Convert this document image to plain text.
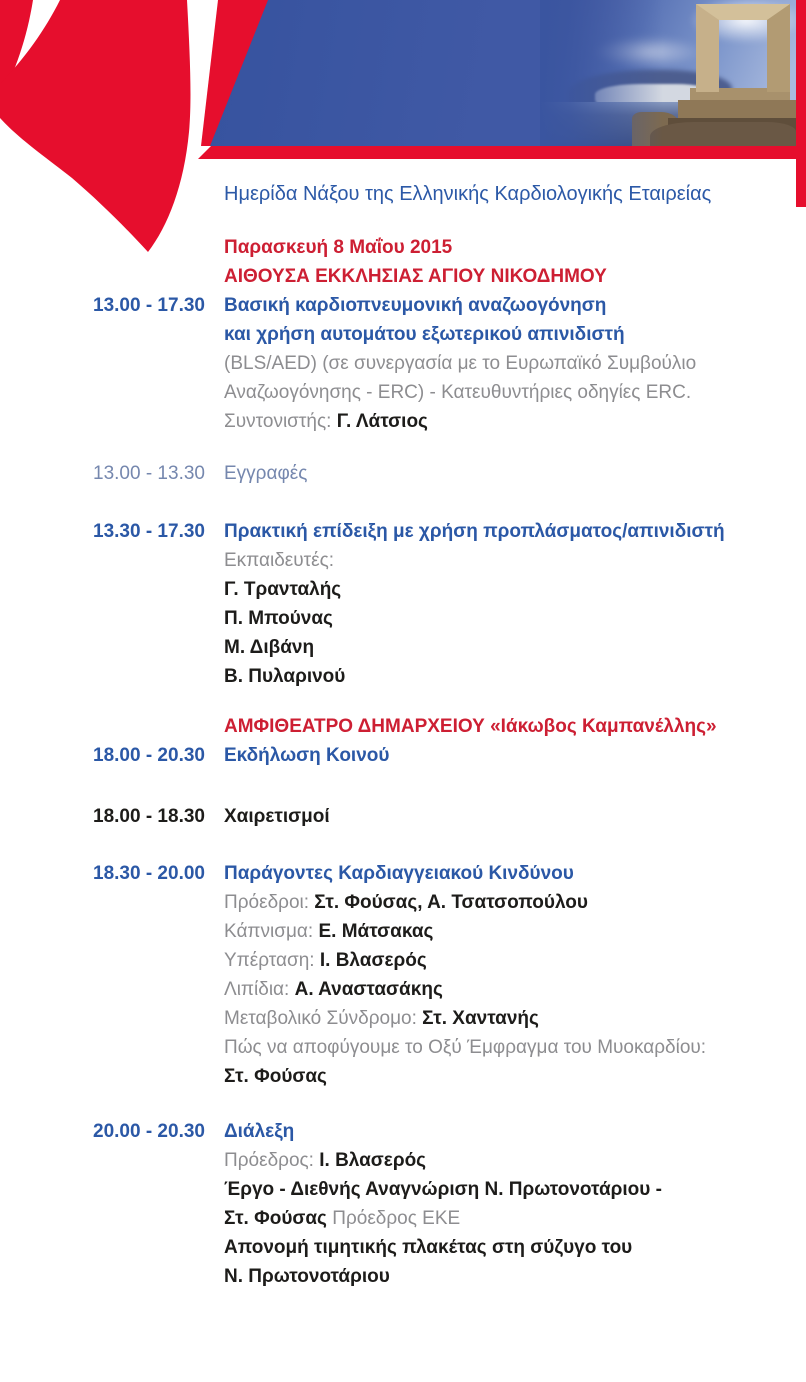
Ημερίδα Νάξου της Ελληνικής Καρδιολογικής Εταιρείας
Παρασκευή 8 Μαΐου 2015
ΑΙΘΟΥΣΑ ΕΚΚΛΗΣΙΑΣ ΑΓΙΟΥ ΝΙΚΟΔΗΜΟΥ
13.00 - 17.30	Βασική καρδιοπνευμονική αναζωογόνηση
και χρήση αυτομάτου εξωτερικού απινιδιστή
(BLS/AED) (σε συνεργασία με το Ευρωπαϊκό Συμβούλιο
Αναζωογόνησης - ERC) - Κατευθυντήριες οδηγίες ERC.
Συντονιστής: Γ. Λάτσιος
13.00 - 13.30	Εγγραφές
13.30 - 17.30	Πρακτική επίδειξη με χρήση προπλάσματος/απινιδιστή
Εκπαιδευτές:
Γ. Τρανταλής
Π. Μπούνας
Μ. Διβάνη
Β. Πυλαρινού
ΑΜΦΙΘΕΑΤΡΟ ΔΗΜΑΡΧΕΙΟΥ «Ιάκωβος Καμπανέλλης»
18.00 - 20.30	Εκδήλωση Κοινού
18.00 - 18.30	Χαιρετισμοί
18.30 - 20.00	Παράγοντες Καρδιαγγειακού Κινδύνου
Πρόεδροι: Στ. Φούσας, Α. Τσατσοπούλου
Κάπνισμα: Ε. Μάτσακας
Υπέρταση: Ι. Βλασερός
Λιπίδια: Α. Αναστασάκης
Μεταβολικό Σύνδρομο: Στ. Χαντανής
Πώς να αποφύγουμε το Οξύ Έμφραγμα του Μυοκαρδίου:
Στ. Φούσας
20.00 - 20.30	Διάλεξη
Πρόεδρος: Ι. Βλασερός
Έργο - Διεθνής Αναγνώριση Ν. Πρωτονοτάριου -
Στ. Φούσας Πρόεδρος ΕΚΕ
Απονομή τιμητικής πλακέτας στη σύζυγο του
Ν. Πρωτονοτάριου
